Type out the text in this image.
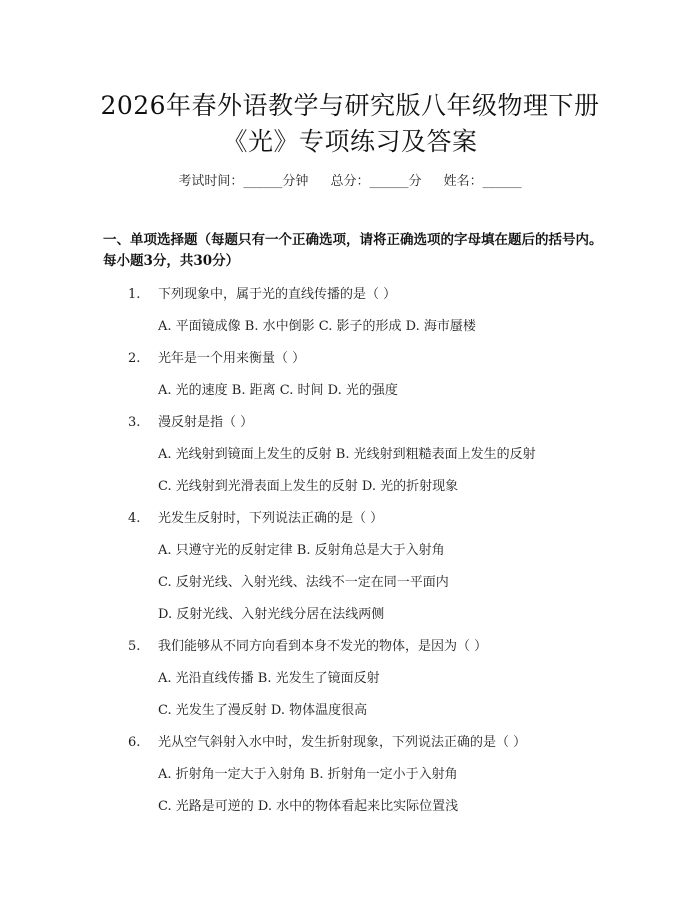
2026年春外语教学与研究版八年级物理下册
《光》专项练习及答案
考试时间：______分钟 总分：______分 姓名：______
一、单项选择题（每题只有一个正确选项，请将正确选项的字母填在题后的括号内。每小题3分，共30分）
1. 下列现象中，属于光的直线传播的是（ ）
A. 平面镜成像 B. 水中倒影 C. 影子的形成 D. 海市蜃楼
2. 光年是一个用来衡量（ ）
A. 光的速度 B. 距离 C. 时间 D. 光的强度
3. 漫反射是指（ ）
A. 光线射到镜面上发生的反射 B. 光线射到粗糙表面上发生的反射
C. 光线射到光滑表面上发生的反射 D. 光的折射现象
4. 光发生反射时，下列说法正确的是（ ）
A. 只遵守光的反射定律 B. 反射角总是大于入射角
C. 反射光线、入射光线、法线不一定在同一平面内
D. 反射光线、入射光线分居在法线两侧
5. 我们能够从不同方向看到本身不发光的物体，是因为（ ）
A. 光沿直线传播 B. 光发生了镜面反射
C. 光发生了漫反射 D. 物体温度很高
6. 光从空气斜射入水中时，发生折射现象，下列说法正确的是（ ）
A. 折射角一定大于入射角 B. 折射角一定小于入射角
C. 光路是可逆的 D. 水中的物体看起来比实际位置浅
